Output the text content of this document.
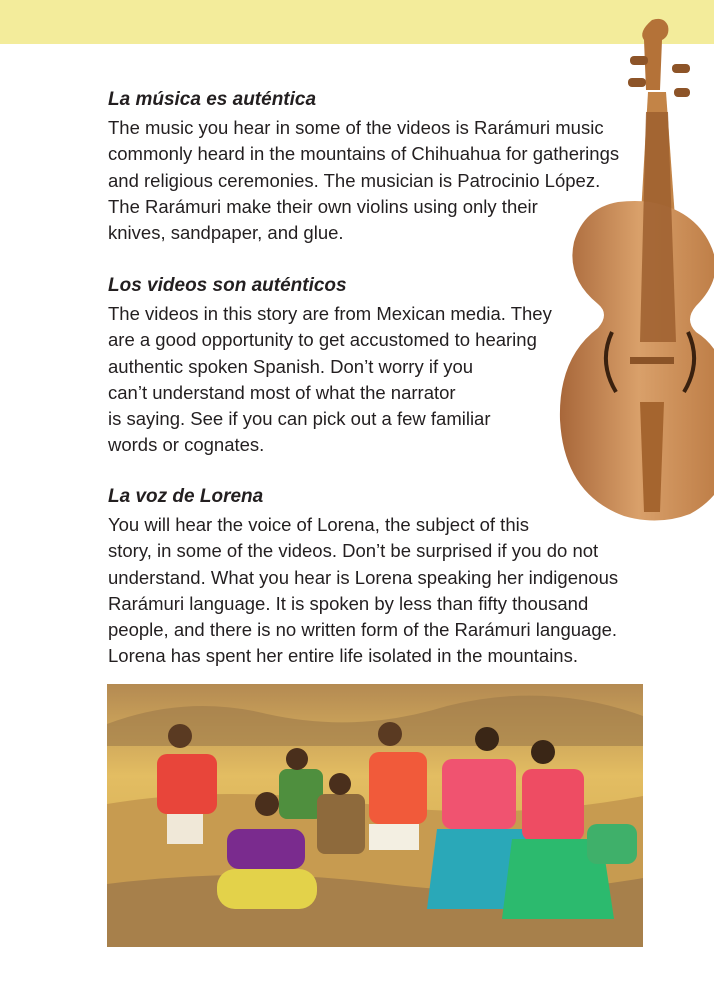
La música es auténtica

The music you hear in some of the videos is Rarámuri music
commonly heard in the mountains of Chihuahua for gatherings
and religious ceremonies. The musician is Patrocinio López.
The Rarámuri make their own violins using only their
knives, sandpaper, and glue.

Los videos son auténticos

The videos in this story are from Mexican media. They
are a good opportunity to get accustomed to hearing
authentic spoken Spanish. Don’t worry if you
can’t understand most of what the narrator
is saying. See if you can pick out a few familiar
words or cognates.

La voz de Lorena

You will hear the voice of Lorena, the subject of this
story, in some of the videos. Don’t be surprised if you do not
understand. What you hear is Lorena speaking her indigenous
Rarámuri language. It is spoken by less than fifty thousand
people, and there is no written form of the Rarámuri language.
Lorena has spent her entire life isolated in the mountains.
